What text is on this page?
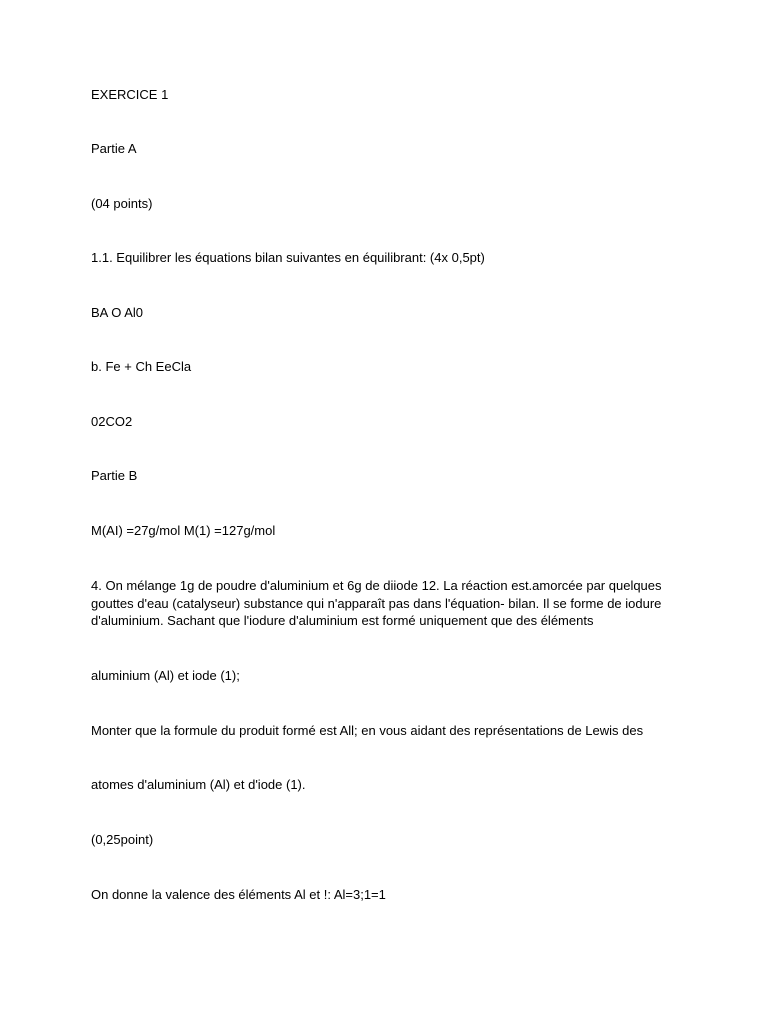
EXERCICE 1
Partie A
(04 points)
1.1. Equilibrer les équations bilan suivantes en équilibrant: (4x 0,5pt)
BA O Al0
b. Fe + Ch EeCla
02CO2
Partie B
M(AI) =27g/mol M(1) =127g/mol
4. On mélange 1g de poudre d'aluminium et 6g de diiode 12. La réaction est.amorcée par quelques gouttes d'eau (catalyseur) substance qui n'apparaît pas dans l'équation- bilan. Il se forme de iodure d'aluminium. Sachant que l'iodure d'aluminium est formé uniquement que des éléments
aluminium (Al) et iode (1);
Monter que la formule du produit formé est All; en vous aidant des représentations de Lewis des
atomes d'aluminium (Al) et d'iode (1).
(0,25point)
On donne la valence des éléments Al et !: Al=3;1=1
